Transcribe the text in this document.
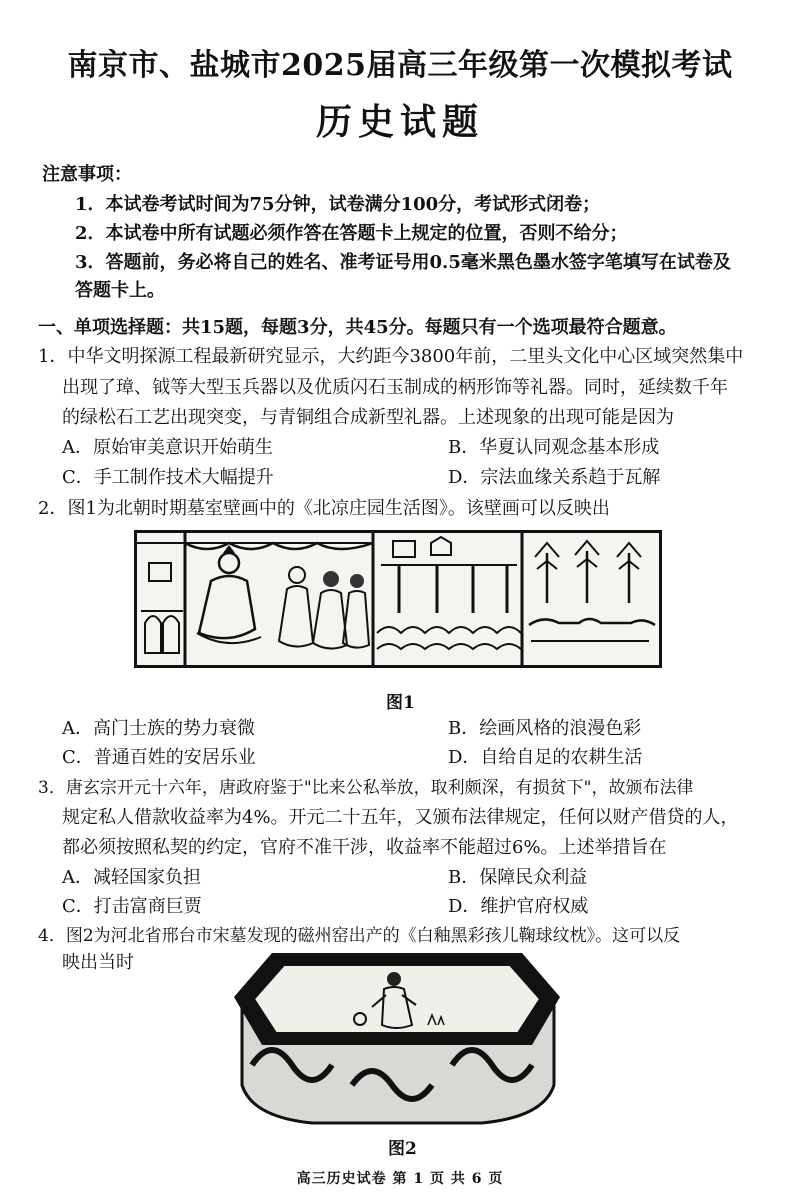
南京市、盐城市2025届高三年级第一次模拟考试
历史试题
注意事项：
1．本试卷考试时间为75分钟，试卷满分100分，考试形式闭卷；
2．本试卷中所有试题必须作答在答题卡上规定的位置，否则不给分；
3．答题前，务必将自己的姓名、准考证号用0.5毫米黑色墨水签字笔填写在试卷及
答题卡上。
一、单项选择题：共15题，每题3分，共45分。每题只有一个选项最符合题意。
1．中华文明探源工程最新研究显示，大约距今3800年前，二里头文化中心区域突然集中
出现了璋、钺等大型玉兵器以及优质闪石玉制成的柄形饰等礼器。同时，延续数千年
的绿松石工艺出现突变，与青铜组合成新型礼器。上述现象的出现可能是因为
A．原始审美意识开始萌生	B．华夏认同观念基本形成
C．手工制作技术大幅提升	D．宗法血缘关系趋于瓦解
2．图1为北朝时期墓室壁画中的《北凉庄园生活图》。该壁画可以反映出
图1
A．高门士族的势力衰微	B．绘画风格的浪漫色彩
C．普通百姓的安居乐业	D．自给自足的农耕生活
3．唐玄宗开元十六年，唐政府鉴于"比来公私举放，取利颇深，有损贫下"，故颁布法律
规定私人借款收益率为4%。开元二十五年，又颁布法律规定，任何以财产借贷的人，
都必须按照私契的约定，官府不准干涉，收益率不能超过6%。上述举措旨在
A．减轻国家负担	B．保障民众利益
C．打击富商巨贾	D．维护官府权威
4．图2为河北省邢台市宋墓发现的磁州窑出产的《白釉黑彩孩儿鞠球纹枕》。这可以反
映出当时
图2
高三历史试卷 第 1 页 共 6 页
